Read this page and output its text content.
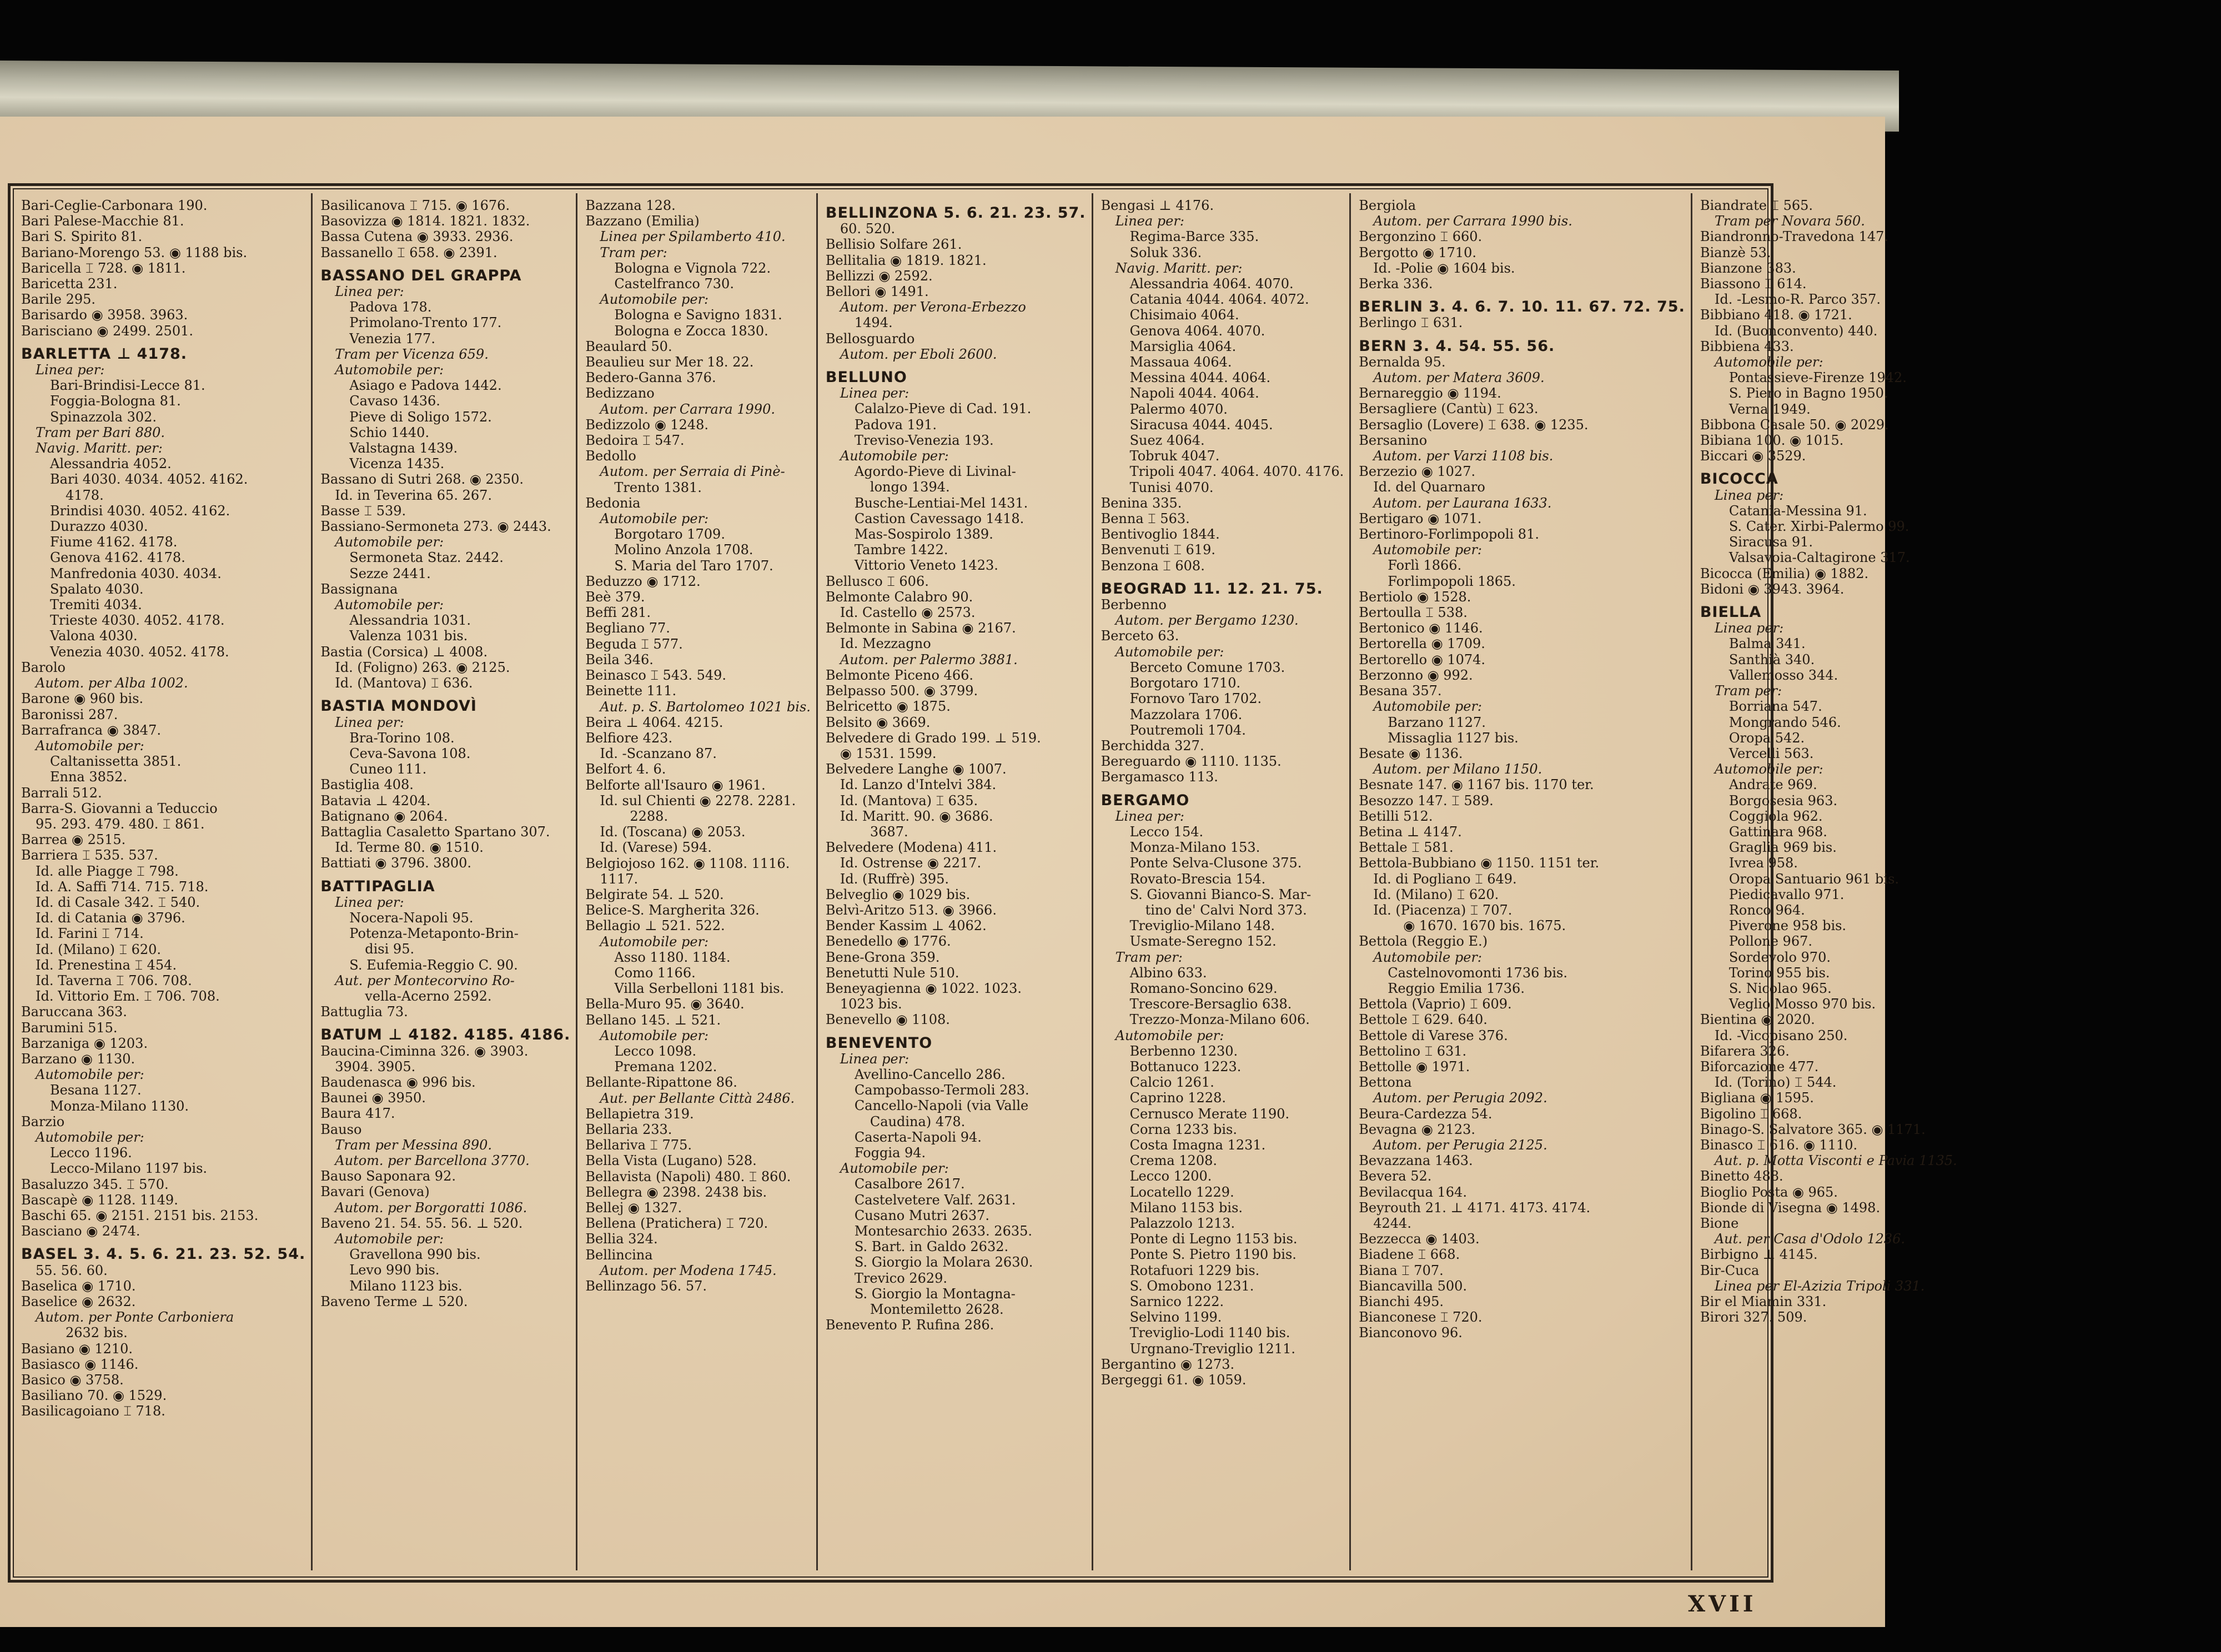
Bari-Ceglie-Carbonara 190.
Bari Palese-Macchie 81.
Bari S. Spirito 81.
Bariano-Morengo 53. ◉ 1188 bis.
Baricella ⌶ 728. ◉ 1811.
Baricetta 231.
Barile 295.
Barisardo ◉ 3958. 3963.
Barisciano ◉ 2499. 2501.
BARLETTA ⊥ 4178.
Linea per:
Bari-Brindisi-Lecce 81.
Foggia-Bologna 81.
Spinazzola 302.
Tram per Bari 880.
Navig. Maritt. per:
Alessandria 4052.
Bari 4030. 4034. 4052. 4162.
4178.
Brindisi 4030. 4052. 4162.
Durazzo 4030.
Fiume 4162. 4178.
Genova 4162. 4178.
Manfredonia 4030. 4034.
Spalato 4030.
Tremiti 4034.
Trieste 4030. 4052. 4178.
Valona 4030.
Venezia 4030. 4052. 4178.
Barolo
Autom. per Alba 1002.
Barone ◉ 960 bis.
Baronissi 287.
Barrafranca ◉ 3847.
Automobile per:
Caltanissetta 3851.
Enna 3852.
Barrali 512.
Barra-S. Giovanni a Teduccio
95. 293. 479. 480. ⌶ 861.
Barrea ◉ 2515.
Barriera ⌶ 535. 537.
Id. alle Piagge ⌶ 798.
Id. A. Saffi 714. 715. 718.
Id. di Casale 342. ⌶ 540.
Id. di Catania ◉ 3796.
Id. Farini ⌶ 714.
Id. (Milano) ⌶ 620.
Id. Prenestina ⌶ 454.
Id. Taverna ⌶ 706. 708.
Id. Vittorio Em. ⌶ 706. 708.
Baruccana 363.
Barumini 515.
Barzaniga ◉ 1203.
Barzano ◉ 1130.
Automobile per:
Besana 1127.
Monza-Milano 1130.
Barzio
Automobile per:
Lecco 1196.
Lecco-Milano 1197 bis.
Basaluzzo 345. ⌶ 570.
Bascapè ◉ 1128. 1149.
Baschi 65. ◉ 2151. 2151 bis. 2153.
Basciano ◉ 2474.
BASEL 3. 4. 5. 6. 21. 23. 52. 54.
55. 56. 60.
Baselica ◉ 1710.
Baselice ◉ 2632.
Autom. per Ponte Carboniera
2632 bis.
Basiano ◉ 1210.
Basiasco ◉ 1146.
Basico ◉ 3758.
Basiliano 70. ◉ 1529.
Basilicagoiano ⌶ 718.
Basilicanova ⌶ 715. ◉ 1676.
Basovizza ◉ 1814. 1821. 1832.
Bassa Cutena ◉ 3933. 2936.
Bassanello ⌶ 658. ◉ 2391.
BASSANO DEL GRAPPA
Linea per:
Padova 178.
Primolano-Trento 177.
Venezia 177.
Tram per Vicenza 659.
Automobile per:
Asiago e Padova 1442.
Cavaso 1436.
Pieve di Soligo 1572.
Schio 1440.
Valstagna 1439.
Vicenza 1435.
Bassano di Sutri 268. ◉ 2350.
Id. in Teverina 65. 267.
Basse ⌶ 539.
Bassiano-Sermoneta 273. ◉ 2443.
Automobile per:
Sermoneta Staz. 2442.
Sezze 2441.
Bassignana
Automobile per:
Alessandria 1031.
Valenza 1031 bis.
Bastia (Corsica) ⊥ 4008.
Id. (Foligno) 263. ◉ 2125.
Id. (Mantova) ⌶ 636.
BASTIA MONDOVÌ
Linea per:
Bra-Torino 108.
Ceva-Savona 108.
Cuneo 111.
Bastiglia 408.
Batavia ⊥ 4204.
Batignano ◉ 2064.
Battaglia Casaletto Spartano 307.
Id. Terme 80. ◉ 1510.
Battiati ◉ 3796. 3800.
BATTIPAGLIA
Linea per:
Nocera-Napoli 95.
Potenza-Metaponto-Brin-
disi 95.
S. Eufemia-Reggio C. 90.
Aut. per Montecorvino Ro-
vella-Acerno 2592.
Battuglia 73.
BATUM ⊥ 4182. 4185. 4186.
Baucina-Ciminna 326. ◉ 3903.
3904. 3905.
Baudenasca ◉ 996 bis.
Baunei ◉ 3950.
Baura 417.
Bauso
Tram per Messina 890.
Autom. per Barcellona 3770.
Bauso Saponara 92.
Bavari (Genova)
Autom. per Borgoratti 1086.
Baveno 21. 54. 55. 56. ⊥ 520.
Automobile per:
Gravellona 990 bis.
Levo 990 bis.
Milano 1123 bis.
Baveno Terme ⊥ 520.
Bazzana 128.
Bazzano (Emilia)
Linea per Spilamberto 410.
Tram per:
Bologna e Vignola 722.
Castelfranco 730.
Automobile per:
Bologna e Savigno 1831.
Bologna e Zocca 1830.
Beaulard 50.
Beaulieu sur Mer 18. 22.
Bedero-Ganna 376.
Bedizzano
Autom. per Carrara 1990.
Bedizzolo ◉ 1248.
Bedoira ⌶ 547.
Bedollo
Autom. per Serraia di Pinè-
Trento 1381.
Bedonia
Automobile per:
Borgotaro 1709.
Molino Anzola 1708.
S. Maria del Taro 1707.
Beduzzo ◉ 1712.
Beè 379.
Beffi 281.
Begliano 77.
Beguda ⌶ 577.
Beila 346.
Beinasco ⌶ 543. 549.
Beinette 111.
Aut. p. S. Bartolomeo 1021 bis.
Beira ⊥ 4064. 4215.
Belfiore 423.
Id. -Scanzano 87.
Belfort 4. 6.
Belforte all'Isauro ◉ 1961.
Id. sul Chienti ◉ 2278. 2281.
2288.
Id. (Toscana) ◉ 2053.
Id. (Varese) 594.
Belgiojoso 162. ◉ 1108. 1116.
1117.
Belgirate 54. ⊥ 520.
Belice-S. Margherita 326.
Bellagio ⊥ 521. 522.
Automobile per:
Asso 1180. 1184.
Como 1166.
Villa Serbelloni 1181 bis.
Bella-Muro 95. ◉ 3640.
Bellano 145. ⊥ 521.
Automobile per:
Lecco 1098.
Premana 1202.
Bellante-Ripattone 86.
Aut. per Bellante Città 2486.
Bellapietra 319.
Bellaria 233.
Bellariva ⌶ 775.
Bella Vista (Lugano) 528.
Bellavista (Napoli) 480. ⌶ 860.
Bellegra ◉ 2398. 2438 bis.
Bellej ◉ 1327.
Bellena (Pratichera) ⌶ 720.
Bellia 324.
Bellincina
Autom. per Modena 1745.
Bellinzago 56. 57.
BELLINZONA 5. 6. 21. 23. 57.
60. 520.
Bellisio Solfare 261.
Bellitalia ◉ 1819. 1821.
Bellizzi ◉ 2592.
Bellori ◉ 1491.
Autom. per Verona-Erbezzo
1494.
Bellosguardo
Autom. per Eboli 2600.
BELLUNO
Linea per:
Calalzo-Pieve di Cad. 191.
Padova 191.
Treviso-Venezia 193.
Automobile per:
Agordo-Pieve di Livinal-
longo 1394.
Busche-Lentiai-Mel 1431.
Castion Cavessago 1418.
Mas-Sospirolo 1389.
Tambre 1422.
Vittorio Veneto 1423.
Bellusco ⌶ 606.
Belmonte Calabro 90.
Id. Castello ◉ 2573.
Belmonte in Sabina ◉ 2167.
Id. Mezzagno
Autom. per Palermo 3881.
Belmonte Piceno 466.
Belpasso 500. ◉ 3799.
Belricetto ◉ 1875.
Belsito ◉ 3669.
Belvedere di Grado 199. ⊥ 519.
◉ 1531. 1599.
Belvedere Langhe ◉ 1007.
Id. Lanzo d'Intelvi 384.
Id. (Mantova) ⌶ 635.
Id. Maritt. 90. ◉ 3686.
3687.
Belvedere (Modena) 411.
Id. Ostrense ◉ 2217.
Id. (Ruffrè) 395.
Belveglio ◉ 1029 bis.
Belvì-Aritzo 513. ◉ 3966.
Bender Kassim ⊥ 4062.
Benedello ◉ 1776.
Bene-Grona 359.
Benetutti Nule 510.
Beneyagienna ◉ 1022. 1023.
1023 bis.
Benevello ◉ 1108.
BENEVENTO
Linea per:
Avellino-Cancello 286.
Campobasso-Termoli 283.
Cancello-Napoli (via Valle
Caudina) 478.
Caserta-Napoli 94.
Foggia 94.
Automobile per:
Casalbore 2617.
Castelvetere Valf. 2631.
Cusano Mutri 2637.
Montesarchio 2633. 2635.
S. Bart. in Galdo 2632.
S. Giorgio la Molara 2630.
Trevico 2629.
S. Giorgio la Montagna-
Montemiletto 2628.
Benevento P. Rufina 286.
Bengasi ⊥ 4176.
Linea per:
Regima-Barce 335.
Soluk 336.
Navig. Maritt. per:
Alessandria 4064. 4070.
Catania 4044. 4064. 4072.
Chisimaio 4064.
Genova 4064. 4070.
Marsiglia 4064.
Massaua 4064.
Messina 4044. 4064.
Napoli 4044. 4064.
Palermo 4070.
Siracusa 4044. 4045.
Suez 4064.
Tobruk 4047.
Tripoli 4047. 4064. 4070. 4176.
Tunisi 4070.
Benina 335.
Benna ⌶ 563.
Bentivoglio 1844.
Benvenuti ⌶ 619.
Benzona ⌶ 608.
BEOGRAD 11. 12. 21. 75.
Berbenno
Autom. per Bergamo 1230.
Berceto 63.
Automobile per:
Berceto Comune 1703.
Borgotaro 1710.
Fornovo Taro 1702.
Mazzolara 1706.
Poutremoli 1704.
Berchidda 327.
Bereguardo ◉ 1110. 1135.
Bergamasco 113.
BERGAMO
Linea per:
Lecco 154.
Monza-Milano 153.
Ponte Selva-Clusone 375.
Rovato-Brescia 154.
S. Giovanni Bianco-S. Mar-
tino de' Calvi Nord 373.
Treviglio-Milano 148.
Usmate-Seregno 152.
Tram per:
Albino 633.
Romano-Soncino 629.
Trescore-Bersaglio 638.
Trezzo-Monza-Milano 606.
Automobile per:
Berbenno 1230.
Bottanuco 1223.
Calcio 1261.
Caprino 1228.
Cernusco Merate 1190.
Corna 1233 bis.
Costa Imagna 1231.
Crema 1208.
Lecco 1200.
Locatello 1229.
Milano 1153 bis.
Palazzolo 1213.
Ponte di Legno 1153 bis.
Ponte S. Pietro 1190 bis.
Rotafuori 1229 bis.
S. Omobono 1231.
Sarnico 1222.
Selvino 1199.
Treviglio-Lodi 1140 bis.
Urgnano-Treviglio 1211.
Bergantino ◉ 1273.
Bergeggi 61. ◉ 1059.
Bergiola
Autom. per Carrara 1990 bis.
Bergonzino ⌶ 660.
Bergotto ◉ 1710.
Id. -Polie ◉ 1604 bis.
Berka 336.
BERLIN 3. 4. 6. 7. 10. 11. 67. 72. 75.
Berlingo ⌶ 631.
BERN 3. 4. 54. 55. 56.
Bernalda 95.
Autom. per Matera 3609.
Bernareggio ◉ 1194.
Bersagliere (Cantù) ⌶ 623.
Bersaglio (Lovere) ⌶ 638. ◉ 1235.
Bersanino
Autom. per Varzi 1108 bis.
Berzezio ◉ 1027.
Id. del Quarnaro
Autom. per Laurana 1633.
Bertigaro ◉ 1071.
Bertinoro-Forlimpopoli 81.
Automobile per:
Forlì 1866.
Forlimpopoli 1865.
Bertiolo ◉ 1528.
Bertoulla ⌶ 538.
Bertonico ◉ 1146.
Bertorella ◉ 1709.
Bertorello ◉ 1074.
Berzonno ◉ 992.
Besana 357.
Automobile per:
Barzano 1127.
Missaglia 1127 bis.
Besate ◉ 1136.
Autom. per Milano 1150.
Besnate 147. ◉ 1167 bis. 1170 ter.
Besozzo 147. ⌶ 589.
Betilli 512.
Betina ⊥ 4147.
Bettale ⌶ 581.
Bettola-Bubbiano ◉ 1150. 1151 ter.
Id. di Pogliano ⌶ 649.
Id. (Milano) ⌶ 620.
Id. (Piacenza) ⌶ 707.
◉ 1670. 1670 bis. 1675.
Bettola (Reggio E.)
Automobile per:
Castelnovomonti 1736 bis.
Reggio Emilia 1736.
Bettola (Vaprio) ⌶ 609.
Bettole ⌶ 629. 640.
Bettole di Varese 376.
Bettolino ⌶ 631.
Bettolle ◉ 1971.
Bettona
Autom. per Perugia 2092.
Beura-Cardezza 54.
Bevagna ◉ 2123.
Autom. per Perugia 2125.
Bevazzana 1463.
Bevera 52.
Bevilacqua 164.
Beyrouth 21. ⊥ 4171. 4173. 4174.
4244.
Bezzecca ◉ 1403.
Biadene ⌶ 668.
Biana ⌶ 707.
Biancavilla 500.
Bianchi 495.
Bianconese ⌶ 720.
Bianconovo 96.
Biandrate ⌶ 565.
Tram per Novara 560.
Biandronno-Travedona 147.
Bianzè 53.
Bianzone 383.
Biassono ⌶ 614.
Id. -Lesmo-R. Parco 357.
Bibbiano 418. ◉ 1721.
Id. (Buonconvento) 440.
Bibbiena 433.
Automobile per:
Pontassieve-Firenze 1942.
S. Piero in Bagno 1950.
Verna 1949.
Bibbona Casale 50. ◉ 2029.
Bibiana 100. ◉ 1015.
Biccari ◉ 3529.
BICOCCA
Linea per:
Catania-Messina 91.
S. Cater. Xirbi-Palermo 99.
Siracusa 91.
Valsavoia-Caltagirone 317.
Bicocca (Emilia) ◉ 1882.
Bidoni ◉ 3943. 3964.
BIELLA
Linea per:
Balma 341.
Santhià 340.
Vallemosso 344.
Tram per:
Borriana 547.
Mongrando 546.
Oropa 542.
Vercelli 563.
Automobile per:
Andrate 969.
Borgosesia 963.
Coggiola 962.
Gattinara 968.
Graglia 969 bis.
Ivrea 958.
Oropa Santuario 961 bis.
Piedicavallo 971.
Ronco 964.
Piverone 958 bis.
Pollone 967.
Sordevolo 970.
Torino 955 bis.
S. Nicolao 965.
Veglio Mosso 970 bis.
Bientina ◉ 2020.
Id. -Vicopisano 250.
Bifarera 326.
Biforcazione 477.
Id. (Torino) ⌶ 544.
Bigliana ◉ 1595.
Bigolino ⌶ 668.
Binago-S. Salvatore 365. ◉ 1171.
Binasco ⌶ 616. ◉ 1110.
Aut. p. Motta Visconti e Pavia 1135.
Binetto 488.
Bioglio Posta ◉ 965.
Bionde di Visegna ◉ 1498.
Bione
Aut. per Casa d'Odolo 1236.
Birbigno ⊥ 4145.
Bir-Cuca
Linea per El-Azizia Tripoli 331.
Bir el Miamin 331.
Birori 327. 509.
XVII
